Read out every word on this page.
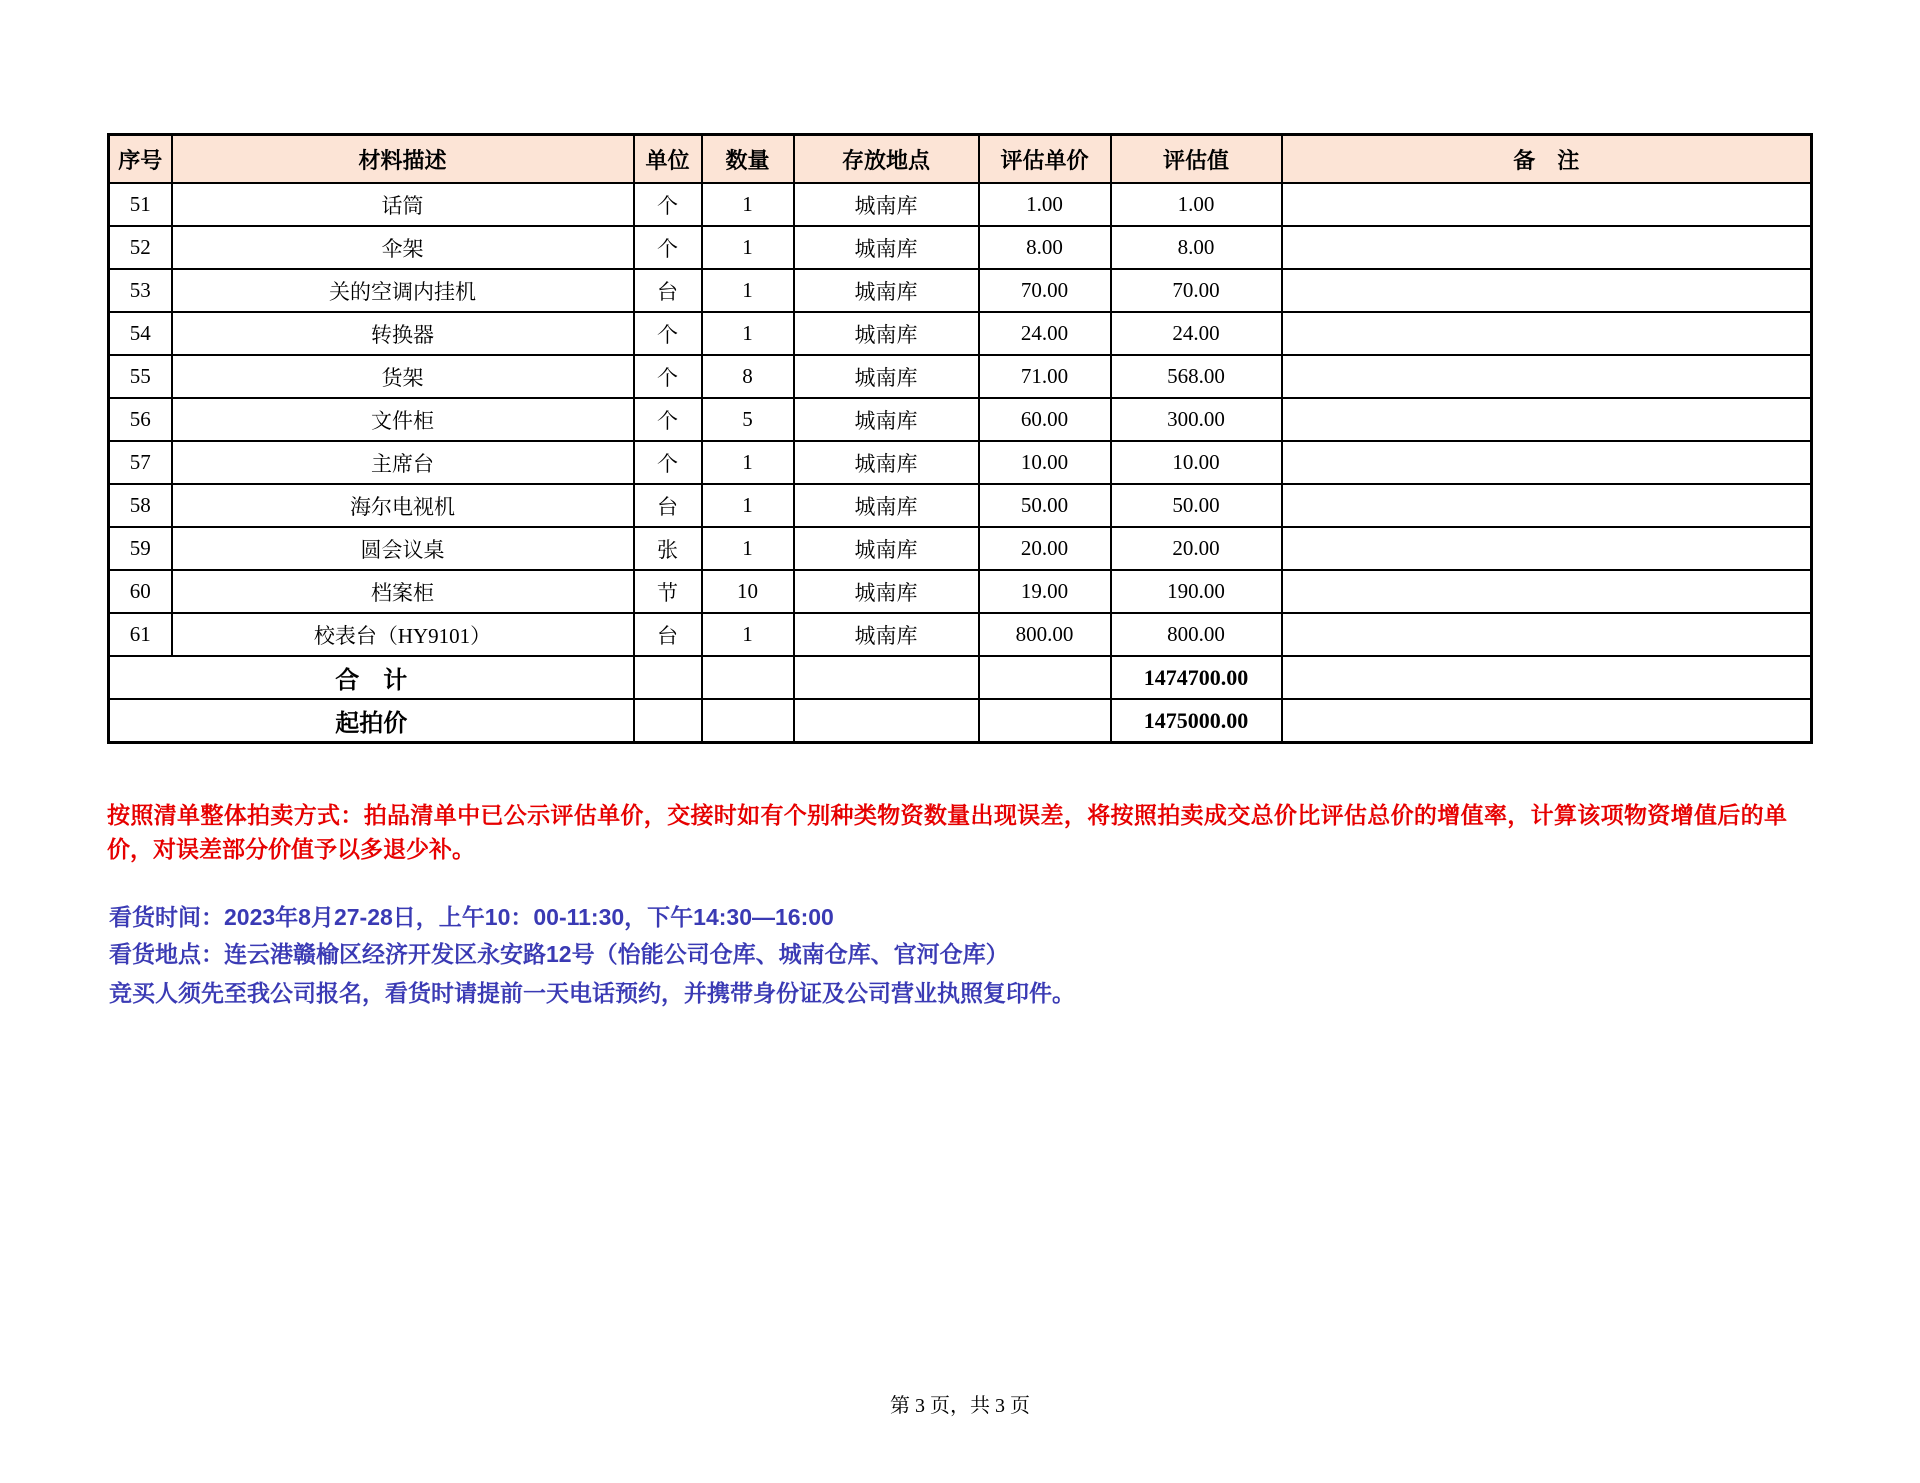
序号	材料描述	单位	数量	存放地点	评估单价	评估值	备　注
51	话筒	个	1	城南库	1.00	1.00	
52	伞架	个	1	城南库	8.00	8.00	
53	关的空调内挂机	台	1	城南库	70.00	70.00	
54	转换器	个	1	城南库	24.00	24.00	
55	货架	个	8	城南库	71.00	568.00	
56	文件柜	个	5	城南库	60.00	300.00	
57	主席台	个	1	城南库	10.00	10.00	
58	海尔电视机	台	1	城南库	50.00	50.00	
59	圆会议桌	张	1	城南库	20.00	20.00	
60	档案柜	节	10	城南库	19.00	190.00	
61	校表台（HY9101）	台	1	城南库	800.00	800.00	
合　计						1474700.00	
起拍价						1475000.00	
按照清单整体拍卖方式：拍品清单中已公示评估单价，交接时如有个别种类物资数量出现误差，将按照拍卖成交总价比评估总价的增值率，计算该项物资增值后的单价，对误差部分价值予以多退少补。
看货时间：2023年8月27-28日，上午10：00-11:30，下午14:30—16:00
看货地点：连云港赣榆区经济开发区永安路12号（怡能公司仓库、城南仓库、官河仓库）
竞买人须先至我公司报名，看货时请提前一天电话预约，并携带身份证及公司营业执照复印件。
第 3 页，共 3 页
